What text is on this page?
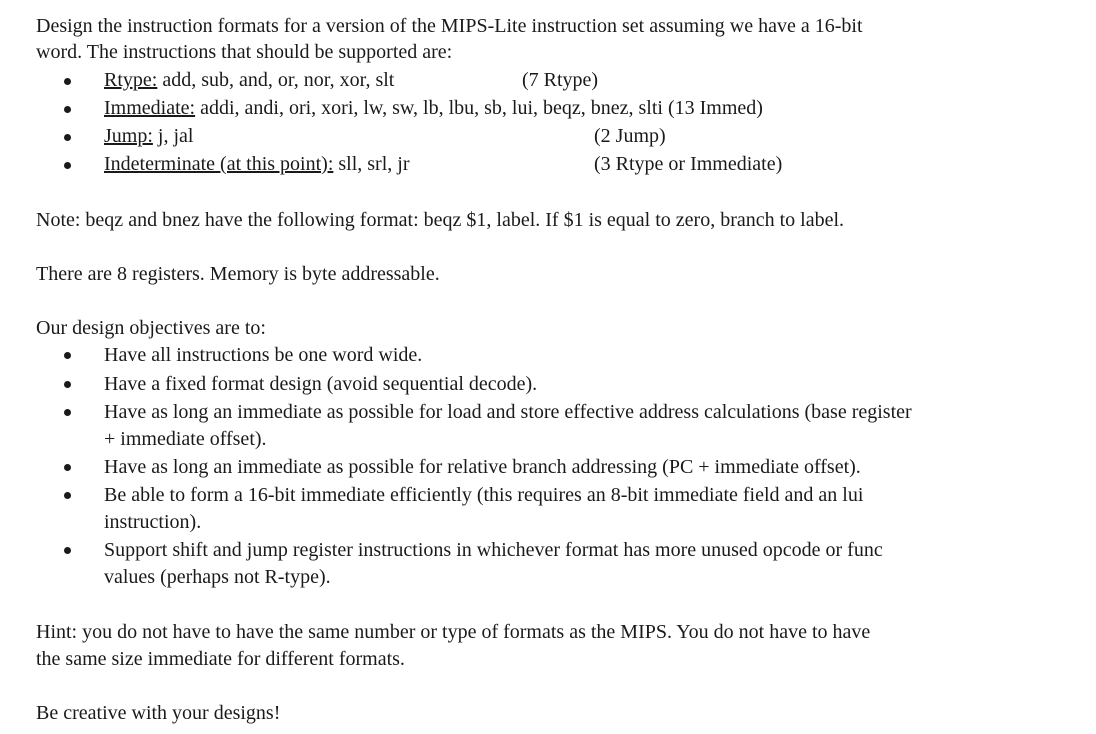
Design the instruction formats for a version of the MIPS-Lite instruction set assuming we have a 16-bit
word. The instructions that should be supported are:
Rtype: add, sub, and, or, nor, xor, slt	(7 Rtype)
Immediate: addi, andi, ori, xori, lw, sw, lb, lbu, sb, lui, beqz, bnez, slti (13 Immed)
Jump: j, jal	(2 Jump)
Indeterminate (at this point): sll, srl, jr	(3 Rtype or Immediate)
Note: beqz and bnez have the following format: beqz $1, label. If $1 is equal to zero, branch to label.
There are 8 registers. Memory is byte addressable.
Our design objectives are to:
Have all instructions be one word wide.
Have a fixed format design (avoid sequential decode).
Have as long an immediate as possible for load and store effective address calculations (base register
+ immediate offset).
Have as long an immediate as possible for relative branch addressing (PC + immediate offset).
Be able to form a 16-bit immediate efficiently (this requires an 8-bit immediate field and an lui
instruction).
Support shift and jump register instructions in whichever format has more unused opcode or func
values (perhaps not R-type).
Hint: you do not have to have the same number or type of formats as the MIPS. You do not have to have
the same size immediate for different formats.
Be creative with your designs!
